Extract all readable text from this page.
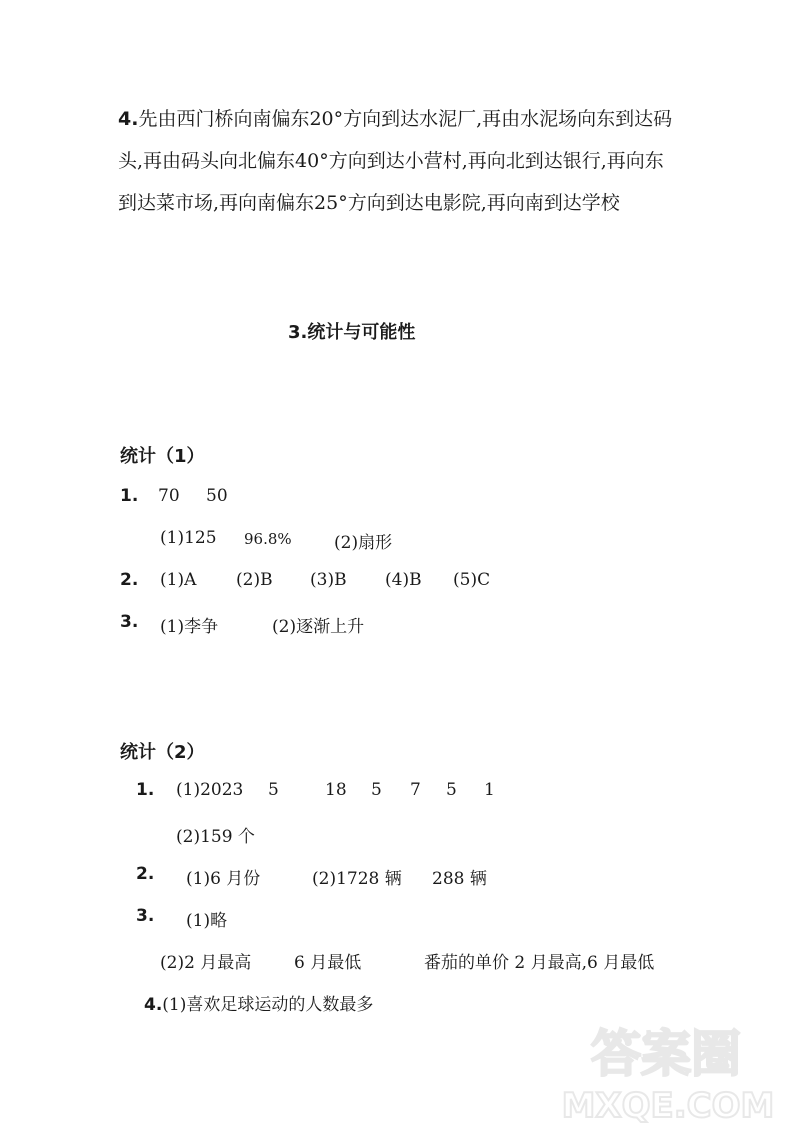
4.先由西门桥向南偏东20°方向到达水泥厂,再由水泥场向东到达码
头,再由码头向北偏东40°方向到达小营村,再向北到达银行,再向东
到达菜市场,再向南偏东25°方向到达电影院,再向南到达学校
3.统计与可能性
统计（1）
1. 70 50
(1)125 96.8% (2)扇形
2. (1)A (2)B (3)B (4)B (5)C
3. (1)李争	(2)逐渐上升
统计（2）
1. (1)2023 5	18 5 7 5 1
(2)159 个
2. (1)6 月份	(2)1728 辆 288 辆
3. (1)略
(2)2 月最高	6 月最低	番茄的单价 2 月最高,6 月最低
4.(1)喜欢足球运动的人数最多
答案圈
MXQE.COM
